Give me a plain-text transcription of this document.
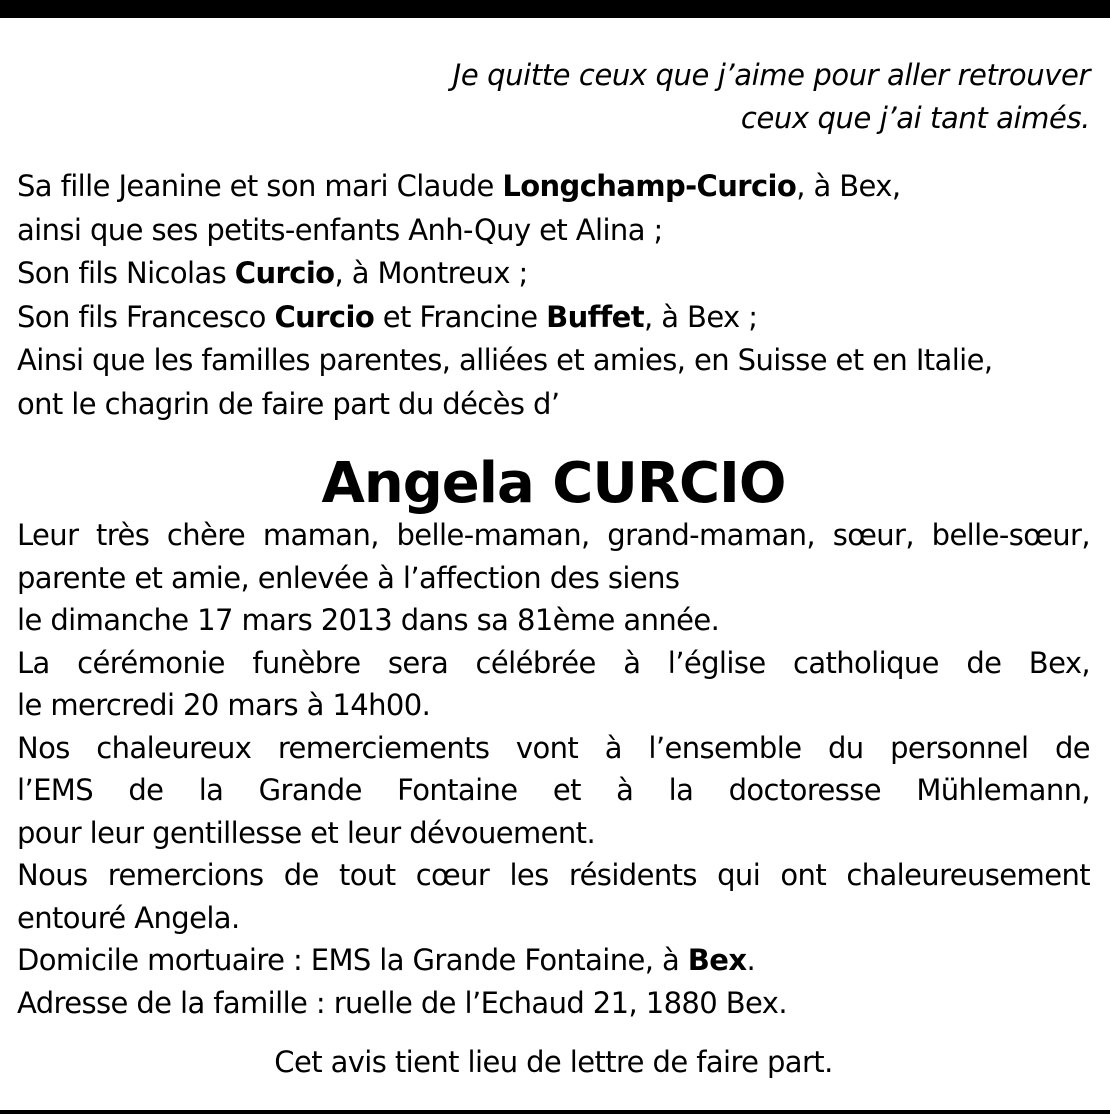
Je quitte ceux que j’aime pour aller retrouver
ceux que j’ai tant aimés.
Sa fille Jeanine et son mari Claude Longchamp-Curcio, à Bex,
ainsi que ses petits-enfants Anh-Quy et Alina ;
Son fils Nicolas Curcio, à Montreux ;
Son fils Francesco Curcio et Francine Buffet, à Bex ;
Ainsi que les familles parentes, alliées et amies, en Suisse et en Italie,
ont le chagrin de faire part du décès d’
Angela CURCIO
Leur très chère maman, belle-maman, grand-maman, sœur, belle-sœur,
parente et amie, enlevée à l’affection des siens
le dimanche 17 mars 2013 dans sa 81ème année.
La cérémonie funèbre sera célébrée à l’église catholique de Bex,
le mercredi 20 mars à 14h00.
Nos chaleureux remerciements vont à l’ensemble du personnel de
l’EMS de la Grande Fontaine et à la doctoresse Mühlemann,
pour leur gentillesse et leur dévouement.
Nous remercions de tout cœur les résidents qui ont chaleureusement
entouré Angela.
Domicile mortuaire : EMS la Grande Fontaine, à Bex.
Adresse de la famille : ruelle de l’Echaud 21, 1880 Bex.
Cet avis tient lieu de lettre de faire part.
